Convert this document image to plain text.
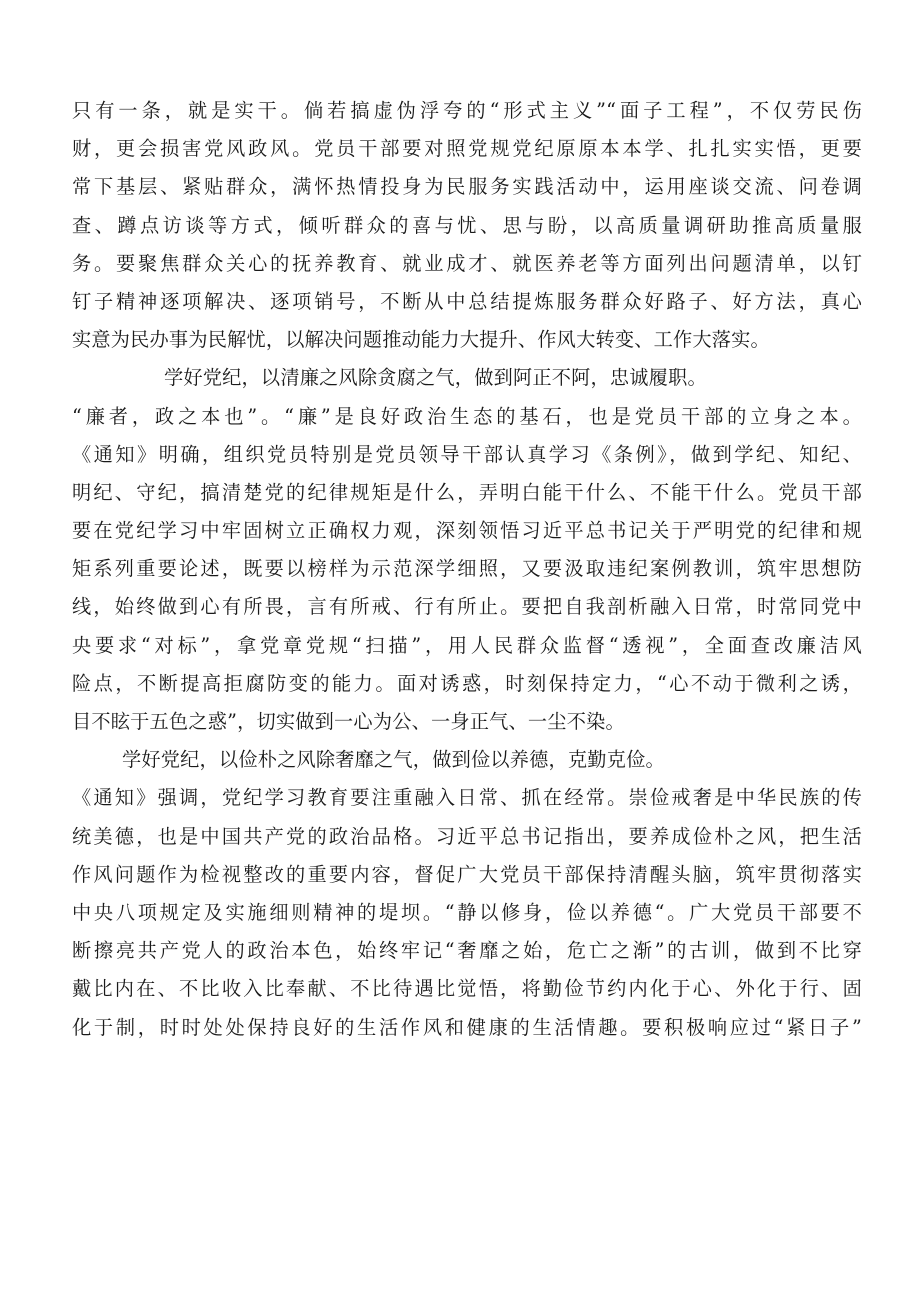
只有一条，就是实干。倘若搞虚伪浮夸的“形式主义”“面子工程”，不仅劳民伤
财，更会损害党风政风。党员干部要对照党规党纪原原本本学、扎扎实实悟，更要
常下基层、紧贴群众，满怀热情投身为民服务实践活动中，运用座谈交流、问卷调
查、蹲点访谈等方式，倾听群众的喜与忧、思与盼，以高质量调研助推高质量服
务。要聚焦群众关心的抚养教育、就业成才、就医养老等方面列出问题清单，以钉
钉子精神逐项解决、逐项销号，不断从中总结提炼服务群众好路子、好方法，真心
实意为民办事为民解忧，以解决问题推动能力大提升、作风大转变、工作大落实。
学好党纪，以清廉之风除贪腐之气，做到阿正不阿，忠诚履职。
“廉者，政之本也”。“廉”是良好政治生态的基石，也是党员干部的立身之本。
《通知》明确，组织党员特别是党员领导干部认真学习《条例》，做到学纪、知纪、
明纪、守纪，搞清楚党的纪律规矩是什么，弄明白能干什么、不能干什么。党员干部
要在党纪学习中牢固树立正确权力观，深刻领悟习近平总书记关于严明党的纪律和规
矩系列重要论述，既要以榜样为示范深学细照，又要汲取违纪案例教训，筑牢思想防
线，始终做到心有所畏，言有所戒、行有所止。要把自我剖析融入日常，时常同党中
央要求“对标”，拿党章党规“扫描”，用人民群众监督“透视”，全面查改廉洁风
险点，不断提高拒腐防变的能力。面对诱惑，时刻保持定力，“心不动于微利之诱，
目不眩于五色之惑”，切实做到一心为公、一身正气、一尘不染。
学好党纪，以俭朴之风除奢靡之气，做到俭以养德，克勤克俭。
《通知》强调，党纪学习教育要注重融入日常、抓在经常。崇俭戒奢是中华民族的传
统美德，也是中国共产党的政治品格。习近平总书记指出，要养成俭朴之风，把生活
作风问题作为检视整改的重要内容，督促广大党员干部保持清醒头脑，筑牢贯彻落实
中央八项规定及实施细则精神的堤坝。“静以修身，俭以养德“。广大党员干部要不
断擦亮共产党人的政治本色，始终牢记“奢靡之始，危亡之渐”的古训，做到不比穿
戴比内在、不比收入比奉献、不比待遇比觉悟，将勤俭节约内化于心、外化于行、固
化于制，时时处处保持良好的生活作风和健康的生活情趣。要积极响应过“紧日子”
